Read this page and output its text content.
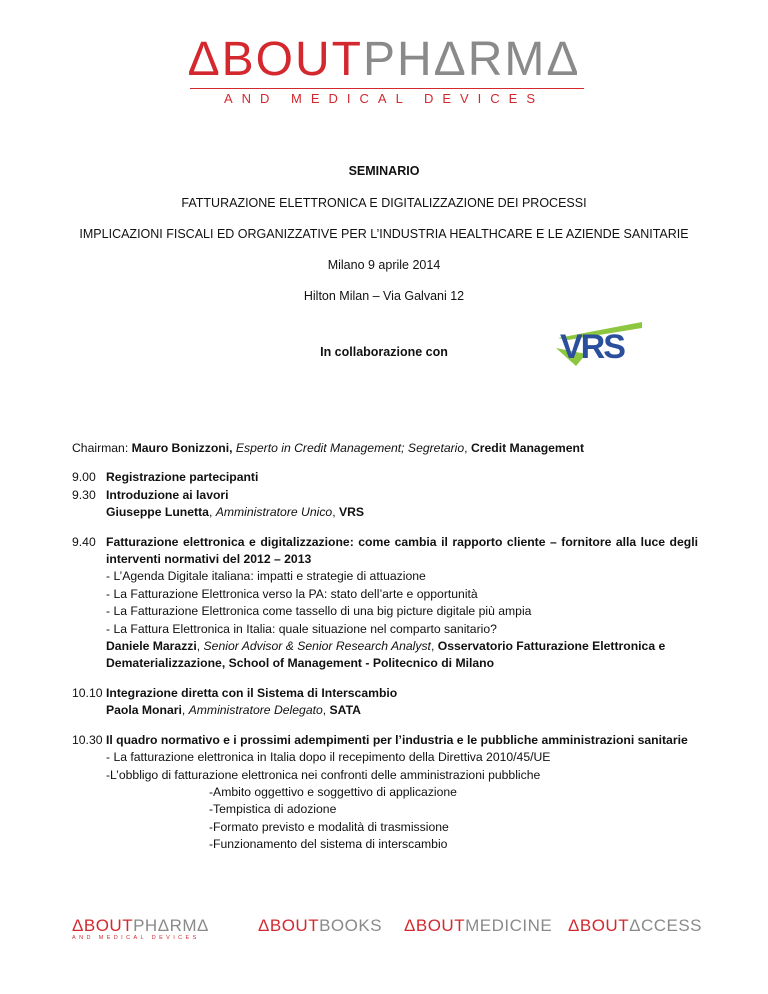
ΔBOUTPHΔRMΔ
AND MEDICAL DEVICES
SEMINARIO
FATTURAZIONE ELETTRONICA E DIGITALIZZAZIONE DEI PROCESSI
IMPLICAZIONI FISCALI ED ORGANIZZATIVE PER L’INDUSTRIA HEALTHCARE E LE AZIENDE SANITARIE
Milano 9 aprile 2014
Hilton Milan – Via Galvani 12
In collaborazione con	VRS
Chairman: Mauro Bonizzoni, Esperto in Credit Management; Segretario, Credit Management
9.00 Registrazione partecipanti
9.30 Introduzione ai lavori
Giuseppe Lunetta, Amministratore Unico, VRS
9.40 Fatturazione elettronica e digitalizzazione: come cambia il rapporto cliente – fornitore alla luce degli interventi normativi del 2012 – 2013
- L’Agenda Digitale italiana: impatti e strategie di attuazione
- La Fatturazione Elettronica verso la PA: stato dell’arte e opportunità
- La Fatturazione Elettronica come tassello di una big picture digitale più ampia
- La Fattura Elettronica in Italia: quale situazione nel comparto sanitario?
Daniele Marazzi, Senior Advisor & Senior Research Analyst, Osservatorio Fatturazione Elettronica e Dematerializzazione, School of Management - Politecnico di Milano
10.10 Integrazione diretta con il Sistema di Interscambio
Paola Monari, Amministratore Delegato, SATA
10.30 Il quadro normativo e i prossimi adempimenti per l’industria e le pubbliche amministrazioni sanitarie
- La fatturazione elettronica in Italia dopo il recepimento della Direttiva 2010/45/UE
-L’obbligo di fatturazione elettronica nei confronti delle amministrazioni pubbliche
-Ambito oggettivo e soggettivo di applicazione
-Tempistica di adozione
-Formato previsto e modalità di trasmissione
-Funzionamento del sistema di interscambio
ΔBOUTPHΔRMΔ
AND MEDICAL DEVICES
ΔBOUTBOOKS ΔBOUTMEDICINE ΔBOUTΔCCESS
